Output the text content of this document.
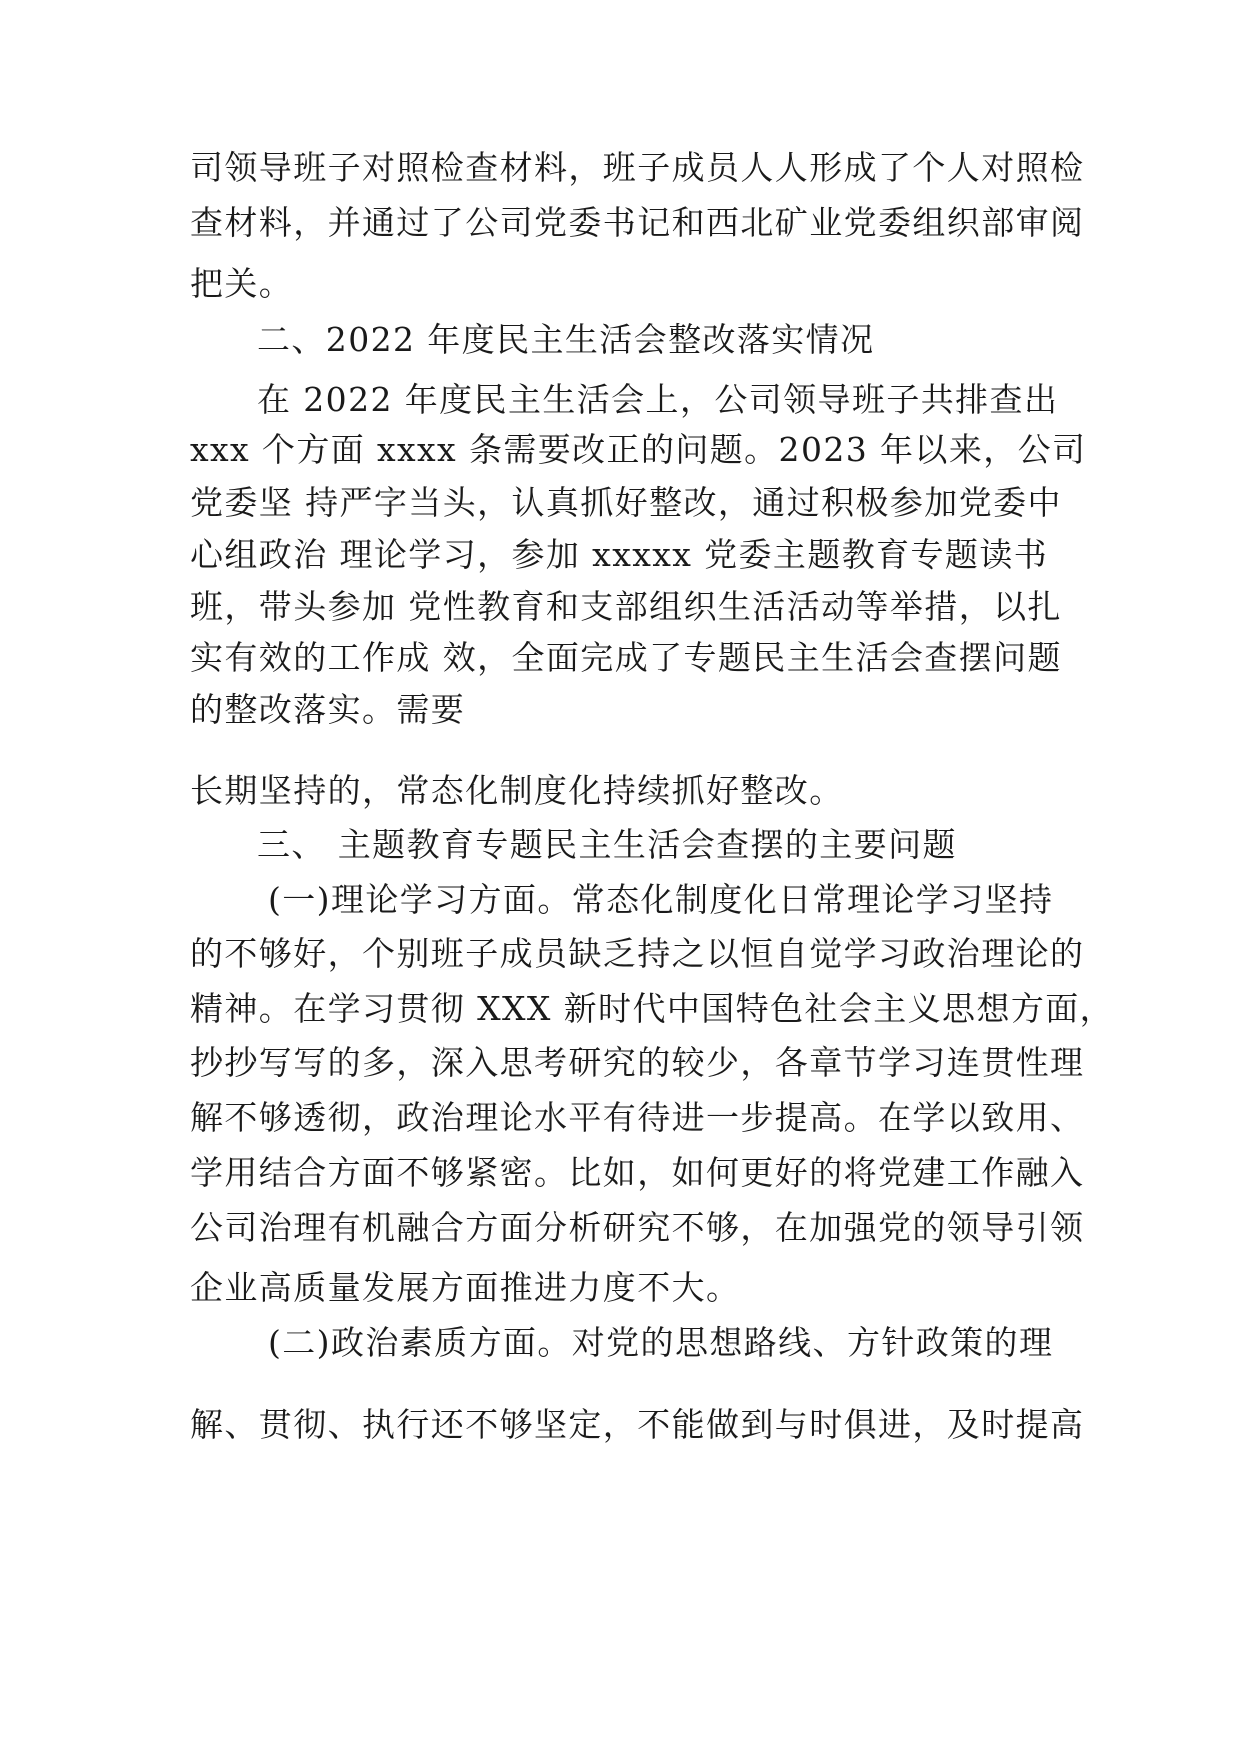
司领导班子对照检查材料，班子成员人人形成了个人对照检
查材料，并通过了公司党委书记和西北矿业党委组织部审阅
把关。
二、2022 年度民主生活会整改落实情况
在 2022 年度民主生活会上，公司领导班子共排查出
xxx 个方面 xxxx 条需要改正的问题。2023 年以来，公司
党委坚 持严字当头，认真抓好整改，通过积极参加党委中
心组政治 理论学习，参加 xxxxx 党委主题教育专题读书
班，带头参加 党性教育和支部组织生活活动等举措，以扎
实有效的工作成 效，全面完成了专题民主生活会查摆问题
的整改落实。需要
长期坚持的，常态化制度化持续抓好整改。
三、 主题教育专题民主生活会查摆的主要问题
(一)理论学习方面。常态化制度化日常理论学习坚持
的不够好，个别班子成员缺乏持之以恒自觉学习政治理论的
精神。在学习贯彻 XXX 新时代中国特色社会主义思想方面，
抄抄写写的多，深入思考研究的较少，各章节学习连贯性理
解不够透彻，政治理论水平有待进一步提高。在学以致用、
学用结合方面不够紧密。比如，如何更好的将党建工作融入
公司治理有机融合方面分析研究不够，在加强党的领导引领
企业高质量发展方面推进力度不大。
(二)政治素质方面。对党的思想路线、方针政策的理
解、贯彻、执行还不够坚定，不能做到与时俱进，及时提高
